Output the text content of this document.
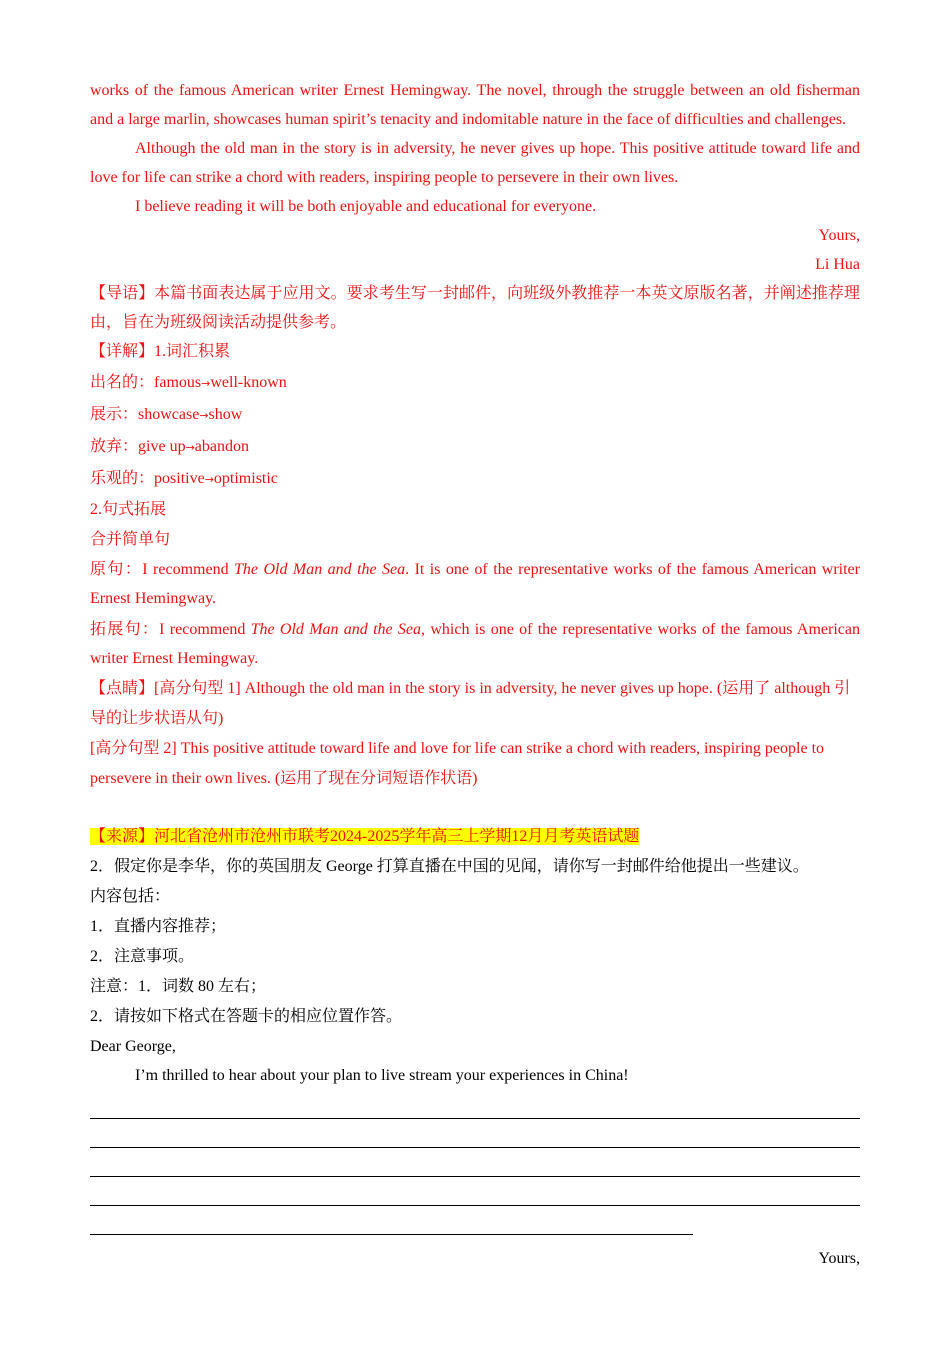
works of the famous American writer Ernest Hemingway. The novel, through the struggle between an old fisherman and a large marlin, showcases human spirit’s tenacity and indomitable nature in the face of difficulties and challenges.

Although the old man in the story is in adversity, he never gives up hope. This positive attitude toward life and love for life can strike a chord with readers, inspiring people to persevere in their own lives.

I believe reading it will be both enjoyable and educational for everyone.

Yours,

Li Hua

【导语】本篇书面表达属于应用文。要求考生写一封邮件，向班级外教推荐一本英文原版名著，并阐述推荐理由，旨在为班级阅读活动提供参考。

【详解】1.词汇积累

出名的：famous→well-known

展示：showcase→show

放弃：give up→abandon

乐观的：positive→optimistic

2.句式拓展

合并简单句

原句：I recommend The Old Man and the Sea. It is one of the representative works of the famous American writer Ernest Hemingway.

拓展句：I recommend The Old Man and the Sea, which is one of the representative works of the famous American writer Ernest Hemingway.

【点睛】[高分句型 1] Although the old man in the story is in adversity, he never gives up hope. (运用了 although 引导的让步状语从句)

[高分句型 2] This positive attitude toward life and love for life can strike a chord with readers, inspiring people to persevere in their own lives. (运用了现在分词短语作状语)

【来源】河北省沧州市沧州市联考2024-2025学年高三上学期12月月考英语试题

2．假定你是李华，你的英国朋友 George 打算直播在中国的见闻，请你写一封邮件给他提出一些建议。

内容包括：

1．直播内容推荐；

2．注意事项。

注意：1．词数 80 左右；

2．请按如下格式在答题卡的相应位置作答。

Dear George,

I’m thrilled to hear about your plan to live stream your experiences in China!

Yours,
